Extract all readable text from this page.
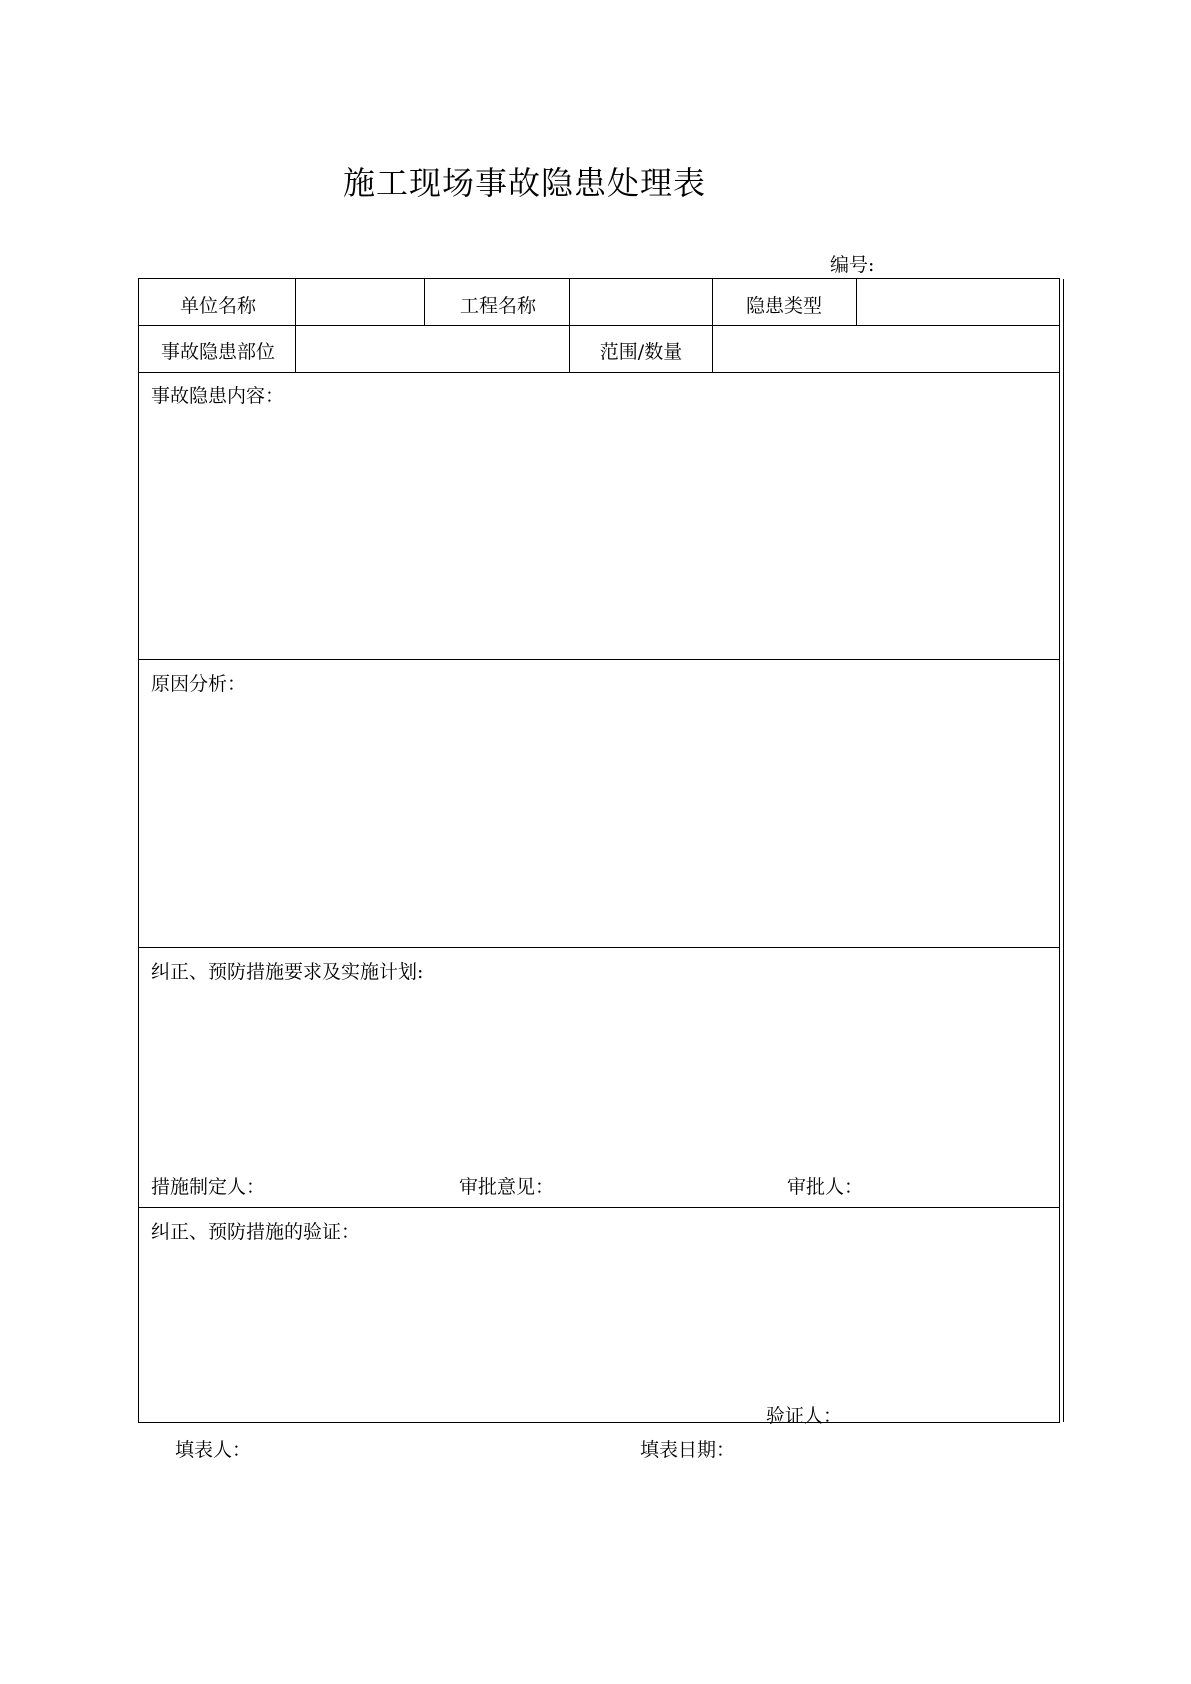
施工现场事故隐患处理表
编号:
单位名称	工程名称	隐患类型
事故隐患部位	范围/数量
事故隐患内容：
原因分析：
纠正、预防措施要求及实施计划:
措施制定人：	审批意见：	审批人：
纠正、预防措施的验证：
验证人：
填表人：	填表日期：
